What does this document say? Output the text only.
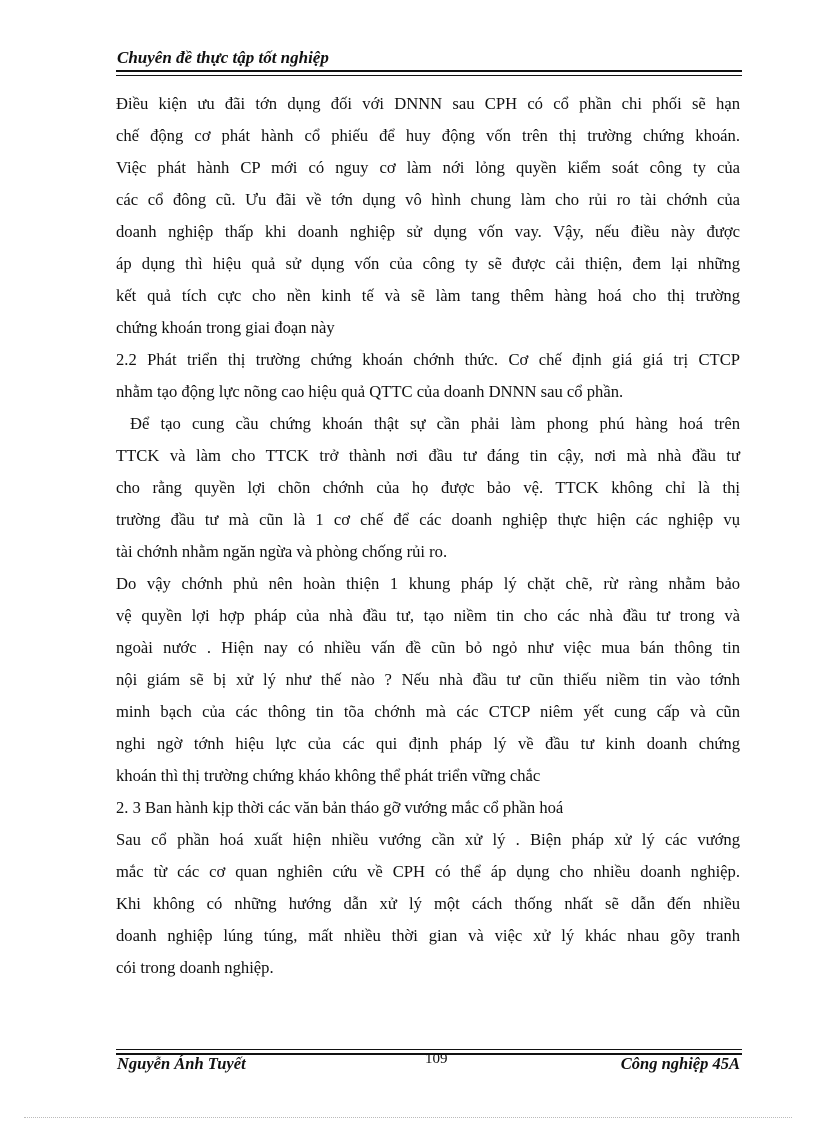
Chuyên đề thực tập tốt nghiệp
Điều kiện ưu đãi tớn dụng đối với DNNN sau CPH có cổ phần chi phối sẽ hạn
chế động cơ phát hành cổ phiếu để huy động vốn trên thị trường chứng khoán.
Việc phát hành CP mới có nguy cơ làm nới lỏng quyền kiểm soát công ty của
các cổ đông cũ. Ưu đãi về tớn dụng vô hình chung làm cho rủi ro tài chớnh của
doanh nghiệp thấp khi doanh nghiệp sử dụng vốn vay. Vậy, nếu điều này được
áp dụng thì hiệu quả sử dụng vốn của công ty sẽ được cải thiện, đem lại những
kết quả tích cực cho nền kinh tế và sẽ làm tang thêm hàng hoá cho thị trường
chứng khoán trong giai đoạn này
2.2 Phát triển thị trường chứng khoán chớnh thức. Cơ chế định giá giá trị CTCP
nhằm tạo động lực nõng cao hiệu quả QTTC của doanh DNNN sau cổ phần.
Để tạo cung cầu chứng khoán thật sự cần phải làm phong phú hàng hoá trên
TTCK và làm cho TTCK trở thành nơi đầu tư đáng tin cậy, nơi mà nhà đầu tư
cho rằng quyền lợi chõn chớnh của họ được bảo vệ. TTCK không chỉ là thị
trường đầu tư mà cũn là 1 cơ chế để các doanh nghiệp thực hiện các nghiệp vụ
tài chớnh nhằm ngăn ngừa và phòng chống rủi ro.
Do vậy chớnh phủ nên hoàn thiện 1 khung pháp lý chặt chẽ, rừ ràng nhằm bảo
vệ quyền lợi hợp pháp của nhà đầu tư, tạo niềm tin cho các nhà đầu tư trong và
ngoài nước . Hiện nay có nhiều vấn đề cũn bỏ ngỏ như việc mua bán thông tin
nội giám sẽ bị xử lý như thế nào ? Nếu nhà đầu tư cũn thiếu niềm tin vào tớnh
minh bạch của các thông tin tõa chớnh mà các CTCP niêm yết cung cấp và cũn
nghi ngờ tớnh hiệu lực của các qui định pháp lý về đầu tư kinh doanh chứng
khoán thì thị trường chứng kháo không thể phát triển vững chắc
2. 3 Ban hành kịp thời các văn bản tháo gỡ vướng mắc cổ phần hoá
Sau cổ phần hoá xuất hiện nhiều vướng cần xử lý . Biện pháp xử lý các vướng
mắc từ các cơ quan nghiên cứu về CPH có thể áp dụng cho nhiều doanh nghiệp.
Khi không có những hướng dẫn xử lý một cách thống nhất sẽ dẫn đến nhiều
doanh nghiệp lúng túng, mất nhiều thời gian và việc xử lý khác nhau gõy tranh
cói trong doanh nghiệp.
Nguyễn Ánh Tuyết	109	Công nghiệp 45A
